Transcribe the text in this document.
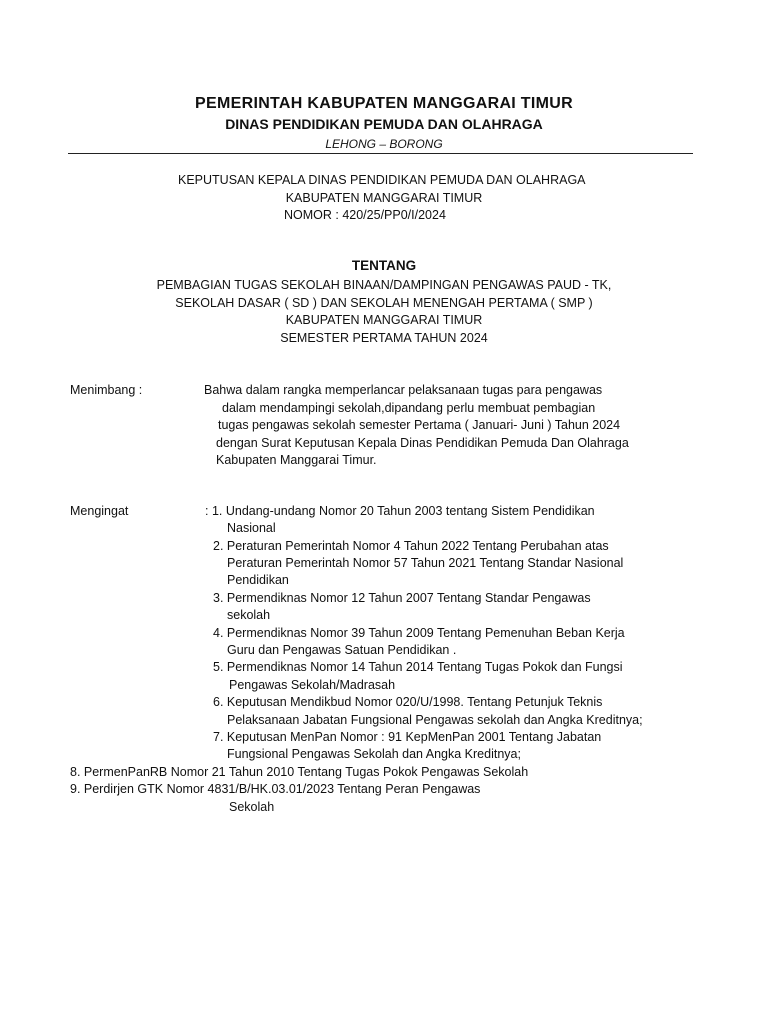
PEMERINTAH KABUPATEN MANGGARAI TIMUR
DINAS PENDIDIKAN PEMUDA DAN OLAHRAGA
LEHONG – BORONG
KEPUTUSAN KEPALA DINAS PENDIDIKAN PEMUDA DAN OLAHRAGA
KABUPATEN MANGGARAI TIMUR
NOMOR : 420/25/PP0/I/2024
TENTANG
PEMBAGIAN TUGAS SEKOLAH BINAAN/DAMPINGAN PENGAWAS PAUD - TK,
SEKOLAH DASAR ( SD ) DAN SEKOLAH MENENGAH PERTAMA ( SMP )
KABUPATEN MANGGARAI TIMUR
SEMESTER PERTAMA TAHUN 2024
Menimbang :	Bahwa dalam rangka memperlancar pelaksanaan tugas para pengawas
dalam mendampingi sekolah,dipandang perlu membuat pembagian
tugas pengawas sekolah semester Pertama ( Januari- Juni ) Tahun 2024
dengan Surat Keputusan Kepala Dinas Pendidikan Pemuda Dan Olahraga
Kabupaten Manggarai Timur.
Mengingat	: 1. Undang-undang Nomor 20 Tahun 2003 tentang Sistem Pendidikan
Nasional
2. Peraturan Pemerintah Nomor 4 Tahun 2022 Tentang Perubahan atas
Peraturan Pemerintah Nomor 57 Tahun 2021 Tentang Standar Nasional
Pendidikan
3. Permendiknas Nomor 12 Tahun 2007 Tentang Standar Pengawas
sekolah
4. Permendiknas Nomor 39 Tahun 2009 Tentang Pemenuhan Beban Kerja
Guru dan Pengawas Satuan Pendidikan .
5. Permendiknas Nomor 14 Tahun 2014 Tentang Tugas Pokok dan Fungsi
Pengawas Sekolah/Madrasah
6. Keputusan Mendikbud Nomor 020/U/1998. Tentang Petunjuk Teknis
Pelaksanaan Jabatan Fungsional Pengawas sekolah dan Angka Kreditnya;
7. Keputusan MenPan Nomor : 91 KepMenPan 2001 Tentang Jabatan
Fungsional Pengawas Sekolah dan Angka Kreditnya;
8. PermenPanRB Nomor 21 Tahun 2010 Tentang Tugas Pokok Pengawas Sekolah
9. Perdirjen GTK Nomor 4831/B/HK.03.01/2023 Tentang Peran Pengawas
Sekolah
